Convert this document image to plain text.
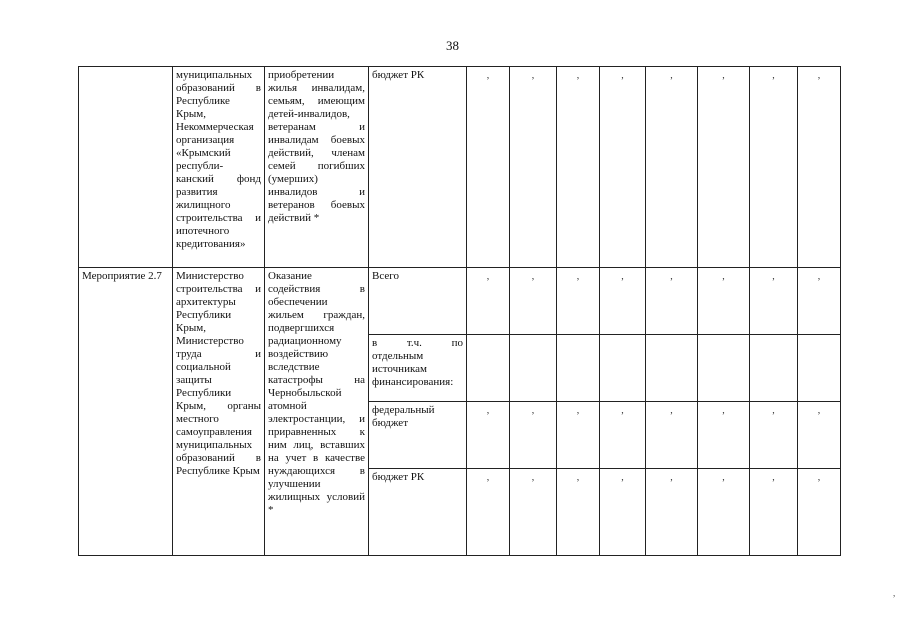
38
	муниципальных образований в Республике Крым, Некоммерческая организация «Крымский республи-канский фонд развития жилищного строительства и ипотечного кредитования»	приобретении жилья инвалидам, семьям, имеющим детей-инвалидов, ветеранам и инвалидам боевых действий, членам семей погибших (умерших) инвалидов и ветеранов боевых действий *	бюджет РК	,	,	,	,	,	,	,	,
Мероприятие 2.7	Министерство строительства и архитектуры Республики Крым, Министерство труда и социальной защиты Республики Крым, органы местного самоуправления муниципальных образований в Республике Крым	Оказание содействия в обеспечении жильем граждан, подвергшихся радиационному воздействию вследствие катастрофы на Чернобыльской атомной электростанции, и приравненных к ним лиц, вставших на учет в качестве нуждающихся в улучшении жилищных условий *	Всего	,	,	,	,	,	,	,	,
			в т.ч. по отдельным источникам финансирования:								
			федеральный бюджет	,	,	,	,	,	,	,	,
			бюджет РК	,	,	,	,	,	,	,	,
,
